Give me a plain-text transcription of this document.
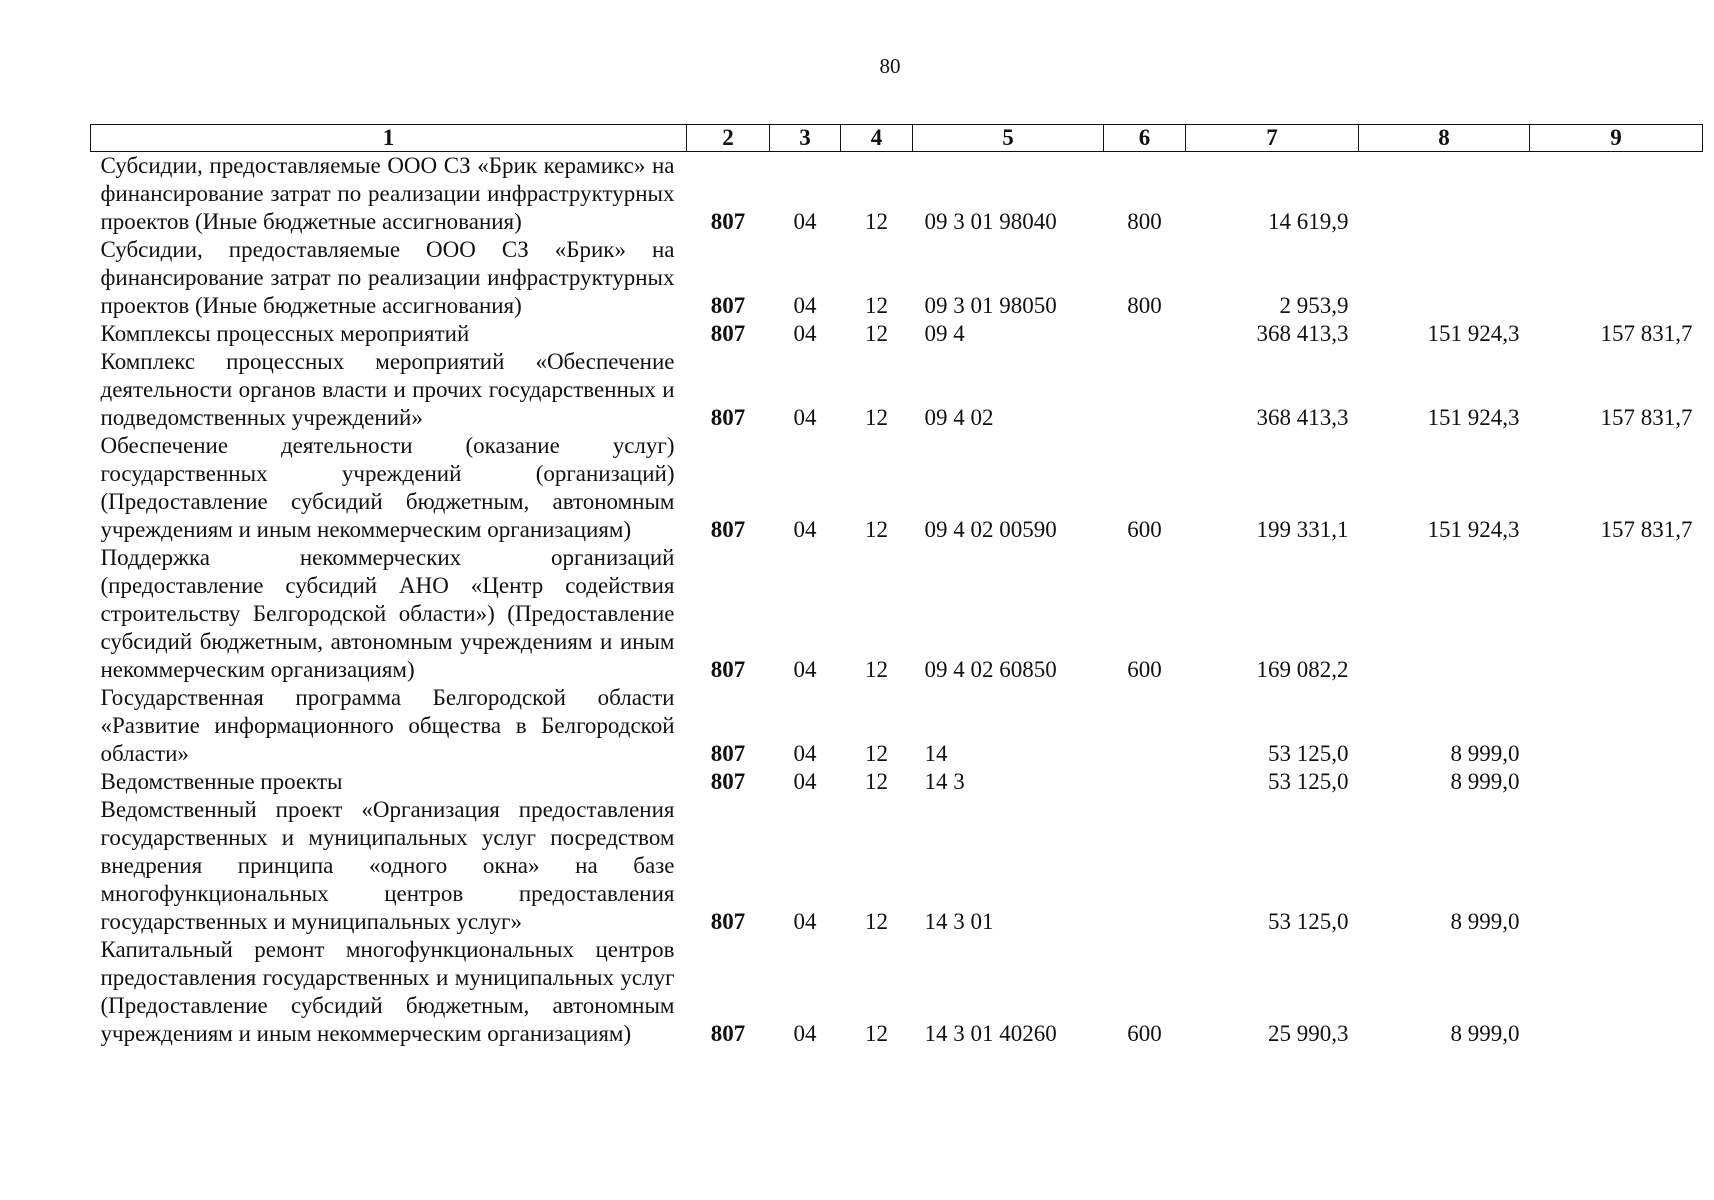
80
1	2	3	4	5	6	7	8	9
Субсидии, предоставляемые ООО СЗ «Брик керамикс» на финансирование затрат по реализации инфраструктурных проектов (Иные бюджетные ассигнования)	807	04	12	09 3 01 98040	800	14 619,9		
Субсидии, предоставляемые ООО СЗ «Брик» на финансирование затрат по реализации инфраструктурных проектов (Иные бюджетные ассигнования)	807	04	12	09 3 01 98050	800	2 953,9		
Комплексы процессных мероприятий	807	04	12	09 4		368 413,3	151 924,3	157 831,7
Комплекс процессных мероприятий «Обеспечение деятельности органов власти и прочих государственных и подведомственных учреждений»	807	04	12	09 4 02		368 413,3	151 924,3	157 831,7
Обеспечение деятельности (оказание услуг) государственных учреждений (организаций) (Предоставление субсидий бюджетным, автономным учреждениям и иным некоммерческим организациям)	807	04	12	09 4 02 00590	600	199 331,1	151 924,3	157 831,7
Поддержка некоммерческих организаций (предоставление субсидий АНО «Центр содействия строительству Белгородской области») (Предоставление субсидий бюджетным, автономным учреждениям и иным некоммерческим организациям)	807	04	12	09 4 02 60850	600	169 082,2		
Государственная программа Белгородской области «Развитие информационного общества в Белгородской области»	807	04	12	14		53 125,0	8 999,0	
Ведомственные проекты	807	04	12	14 3		53 125,0	8 999,0	
Ведомственный проект «Организация предоставления государственных и муниципальных услуг посредством внедрения принципа «одного окна» на базе многофункциональных центров предоставления государственных и муниципальных услуг»	807	04	12	14 3 01		53 125,0	8 999,0	
Капитальный ремонт многофункциональных центров предоставления государственных и муниципальных услуг (Предоставление субсидий бюджетным, автономным учреждениям и иным некоммерческим организациям)	807	04	12	14 3 01 40260	600	25 990,3	8 999,0	
